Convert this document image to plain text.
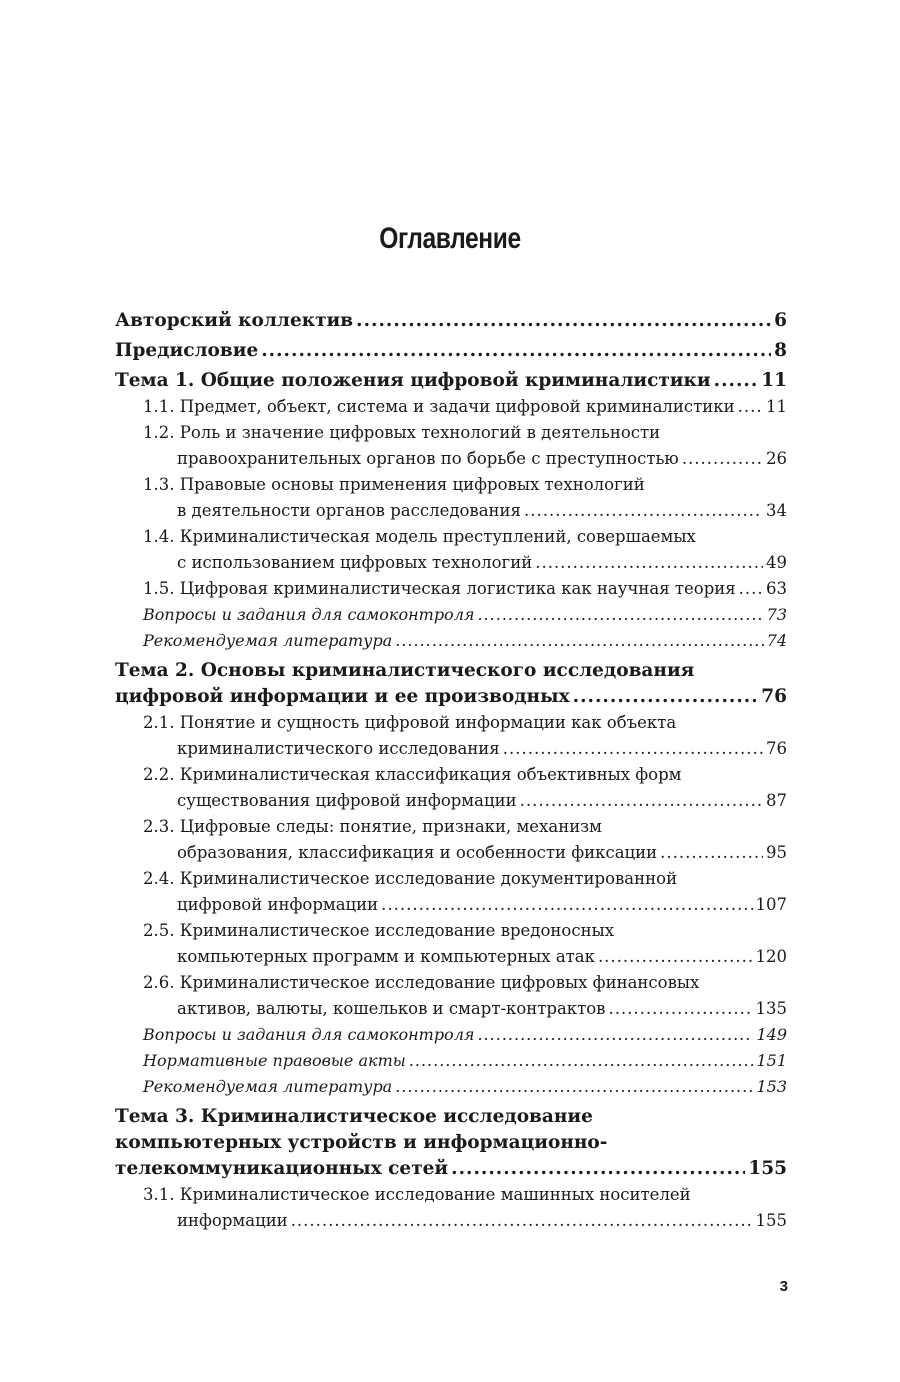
Оглавление
Авторский коллектив .....	6
Предисловие .....	8
Тема 1. Общие положения цифровой криминалистики .....	11
1.1. Предмет, объект, система и задачи цифровой криминалистики ..... 11
1.2. Роль и значение цифровых технологий в деятельности
правоохранительных органов по борьбе с преступностью .....	26
1.3. Правовые основы применения цифровых технологий
в деятельности органов расследования .....	34
1.4. Криминалистическая модель преступлений, совершаемых
с использованием цифровых технологий .....	49
1.5. Цифровая криминалистическая логистика как научная теория ..... 63
Вопросы и задания для самоконтроля .....	73
Рекомендуемая литература .....	74
Тема 2. Основы криминалистического исследования
цифровой информации и ее производных .....	76
2.1. Понятие и сущность цифровой информации как объекта
криминалистического исследования .....	76
2.2. Криминалистическая классификация объективных форм
существования цифровой информации .....	87
2.3. Цифровые следы: понятие, признаки, механизм
образования, классификация и особенности фиксации .....	95
2.4. Криминалистическое исследование документированной
цифровой информации .....	107
2.5. Криминалистическое исследование вредоносных
компьютерных программ и компьютерных атак .....	120
2.6. Криминалистическое исследование цифровых финансовых
активов, валюты, кошельков и смарт-контрактов .....	135
Вопросы и задания для самоконтроля .....	149
Нормативные правовые акты .....	151
Рекомендуемая литература .....	153
Тема 3. Криминалистическое исследование
компьютерных устройств и информационно-
телекоммуникационных сетей .....	155
3.1. Криминалистическое исследование машинных носителей
информации .....	155
3
